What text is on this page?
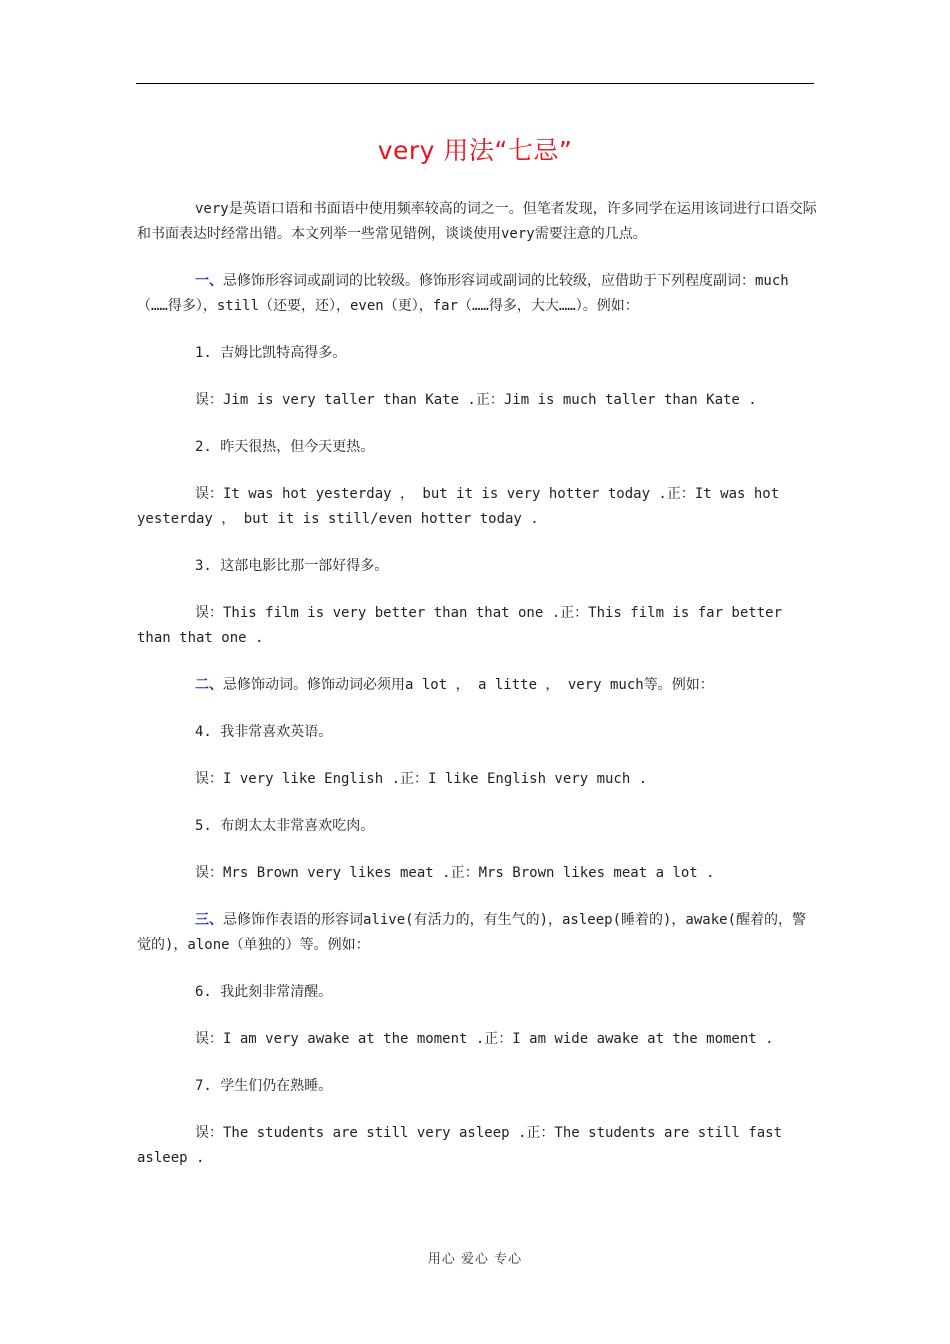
very 用法“七忌”

very是英语口语和书面语中使用频率较高的词之一。但笔者发现，许多同学在运用该词进行口语交际和书面表达时经常出错。本文列举一些常见错例，谈谈使用very需要注意的几点。

一、忌修饰形容词或副词的比较级。修饰形容词或副词的比较级，应借助于下列程度副词：much（……得多），still（还要，还），even（更），far（……得多，大大……）。例如：

1. 吉姆比凯特高得多。

误：Jim is very taller than Kate .正：Jim is much taller than Kate .

2. 昨天很热，但今天更热。

误：It was hot yesterday ， but it is very hotter today .正：It was hot yesterday ， but it is still/even hotter today .

3. 这部电影比那一部好得多。

误：This film is very better than that one .正：This film is far better than that one .

二、忌修饰动词。修饰动词必须用a lot ， a litte ， very much等。例如：

4. 我非常喜欢英语。

误：I very like English .正：I like English very much .

5. 布朗太太非常喜欢吃肉。

误：Mrs Brown very likes meat .正：Mrs Brown likes meat a lot .

三、忌修饰作表语的形容词alive(有活力的，有生气的)，asleep(睡着的)，awake(醒着的，警觉的)，alone（单独的）等。例如：

6. 我此刻非常清醒。

误：I am very awake at the moment .正：I am wide awake at the moment .

7. 学生们仍在熟睡。

误：The students are still very asleep .正：The students are still fast asleep .

用心 爱心 专心
